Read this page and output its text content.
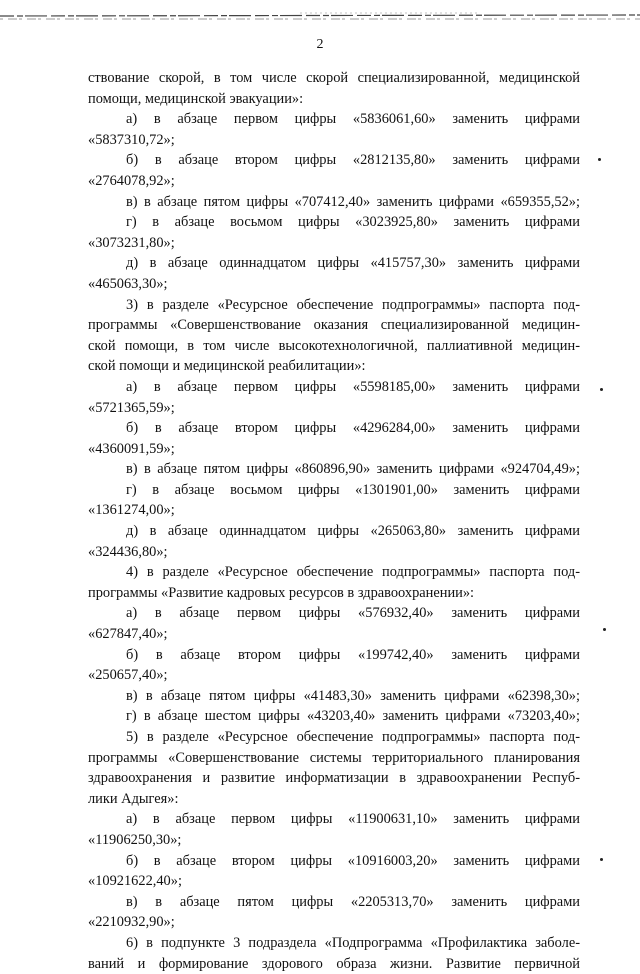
2

ствование скорой, в том числе скорой специализированной, медицинской

помощи, медицинской эвакуации»:

а) в абзаце первом цифры «5836061,60» заменить цифрами

«5837310,72»;

б) в абзаце втором цифры «2812135,80» заменить цифрами

«2764078,92»;

в) в абзаце пятом цифры «707412,40» заменить цифрами «659355,52»;

г) в абзаце восьмом цифры «3023925,80» заменить цифрами

«3073231,80»;

д) в абзаце одиннадцатом цифры «415757,30» заменить цифрами

«465063,30»;

3) в разделе «Ресурсное обеспечение подпрограммы» паспорта под-

программы «Совершенствование оказания специализированной медицин-

ской помощи, в том числе высокотехнологичной, паллиативной медицин-

ской помощи и медицинской реабилитации»:

а) в абзаце первом цифры «5598185,00» заменить цифрами

«5721365,59»;

б) в абзаце втором цифры «4296284,00» заменить цифрами

«4360091,59»;

в) в абзаце пятом цифры «860896,90» заменить цифрами «924704,49»;

г) в абзаце восьмом цифры «1301901,00» заменить цифрами

«1361274,00»;

д) в абзаце одиннадцатом цифры «265063,80» заменить цифрами

«324436,80»;

4) в разделе «Ресурсное обеспечение подпрограммы» паспорта под-

программы «Развитие кадровых ресурсов в здравоохранении»:

а) в абзаце первом цифры «576932,40» заменить цифрами

«627847,40»;

б) в абзаце втором цифры «199742,40» заменить цифрами

«250657,40»;

в) в абзаце пятом цифры «41483,30» заменить цифрами «62398,30»;

г) в абзаце шестом цифры «43203,40» заменить цифрами «73203,40»;

5) в разделе «Ресурсное обеспечение подпрограммы» паспорта под-

программы «Совершенствование системы территориального планирования

здравоохранения и развитие информатизации в здравоохранении Респуб-

лики Адыгея»:

а) в абзаце первом цифры «11900631,10» заменить цифрами

«11906250,30»;

б) в абзаце втором цифры «10916003,20» заменить цифрами

«10921622,40»;

в) в абзаце пятом цифры «2205313,70» заменить цифрами

«2210932,90»;

6) в подпункте 3 подраздела «Подпрограмма «Профилактика заболе-

ваний и формирование здорового образа жизни. Развитие первичной
